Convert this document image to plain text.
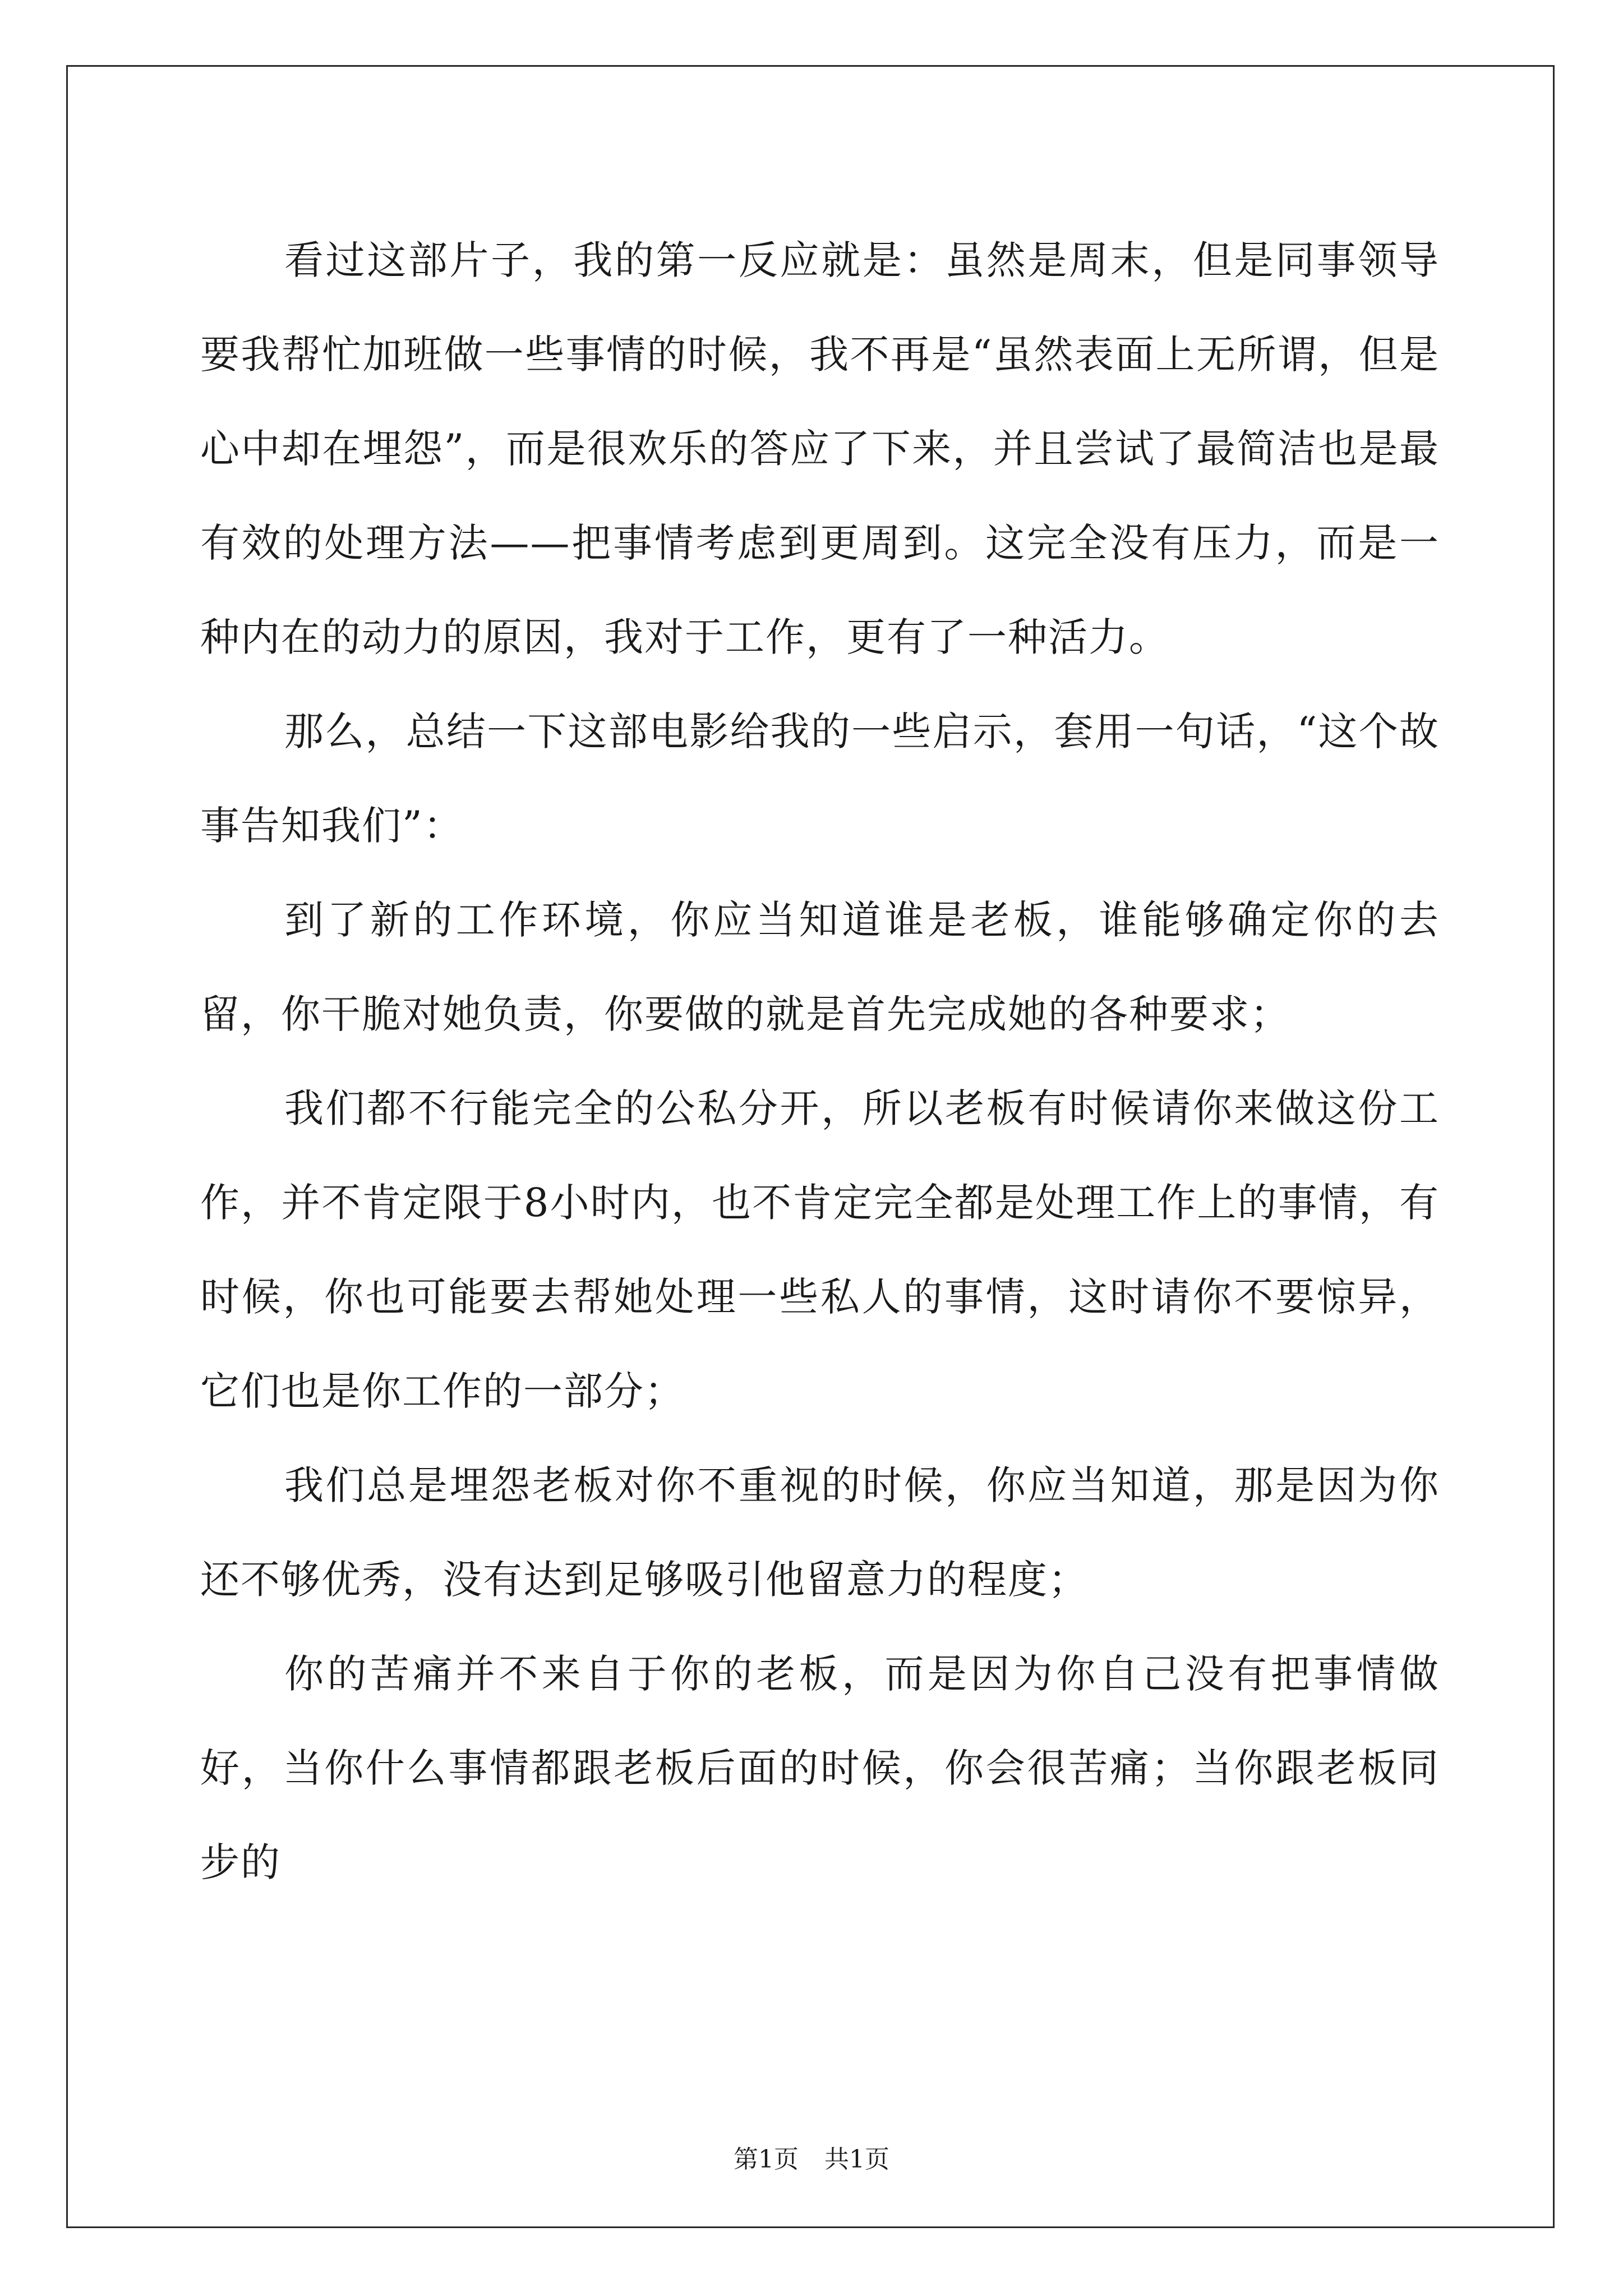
看过这部片子，我的第一反应就是：虽然是周末，但是同事领导要我帮忙加班做一些事情的时候，我不再是“虽然表面上无所谓，但是心中却在埋怨”，而是很欢乐的答应了下来，并且尝试了最简洁也是最有效的处理方法——把事情考虑到更周到。这完全没有压力，而是一种内在的动力的原因，我对于工作，更有了一种活力。

那么，总结一下这部电影给我的一些启示，套用一句话，“这个故事告知我们”：

到了新的工作环境，你应当知道谁是老板，谁能够确定你的去留，你干脆对她负责，你要做的就是首先完成她的各种要求；

我们都不行能完全的公私分开，所以老板有时候请你来做这份工作，并不肯定限于8小时内，也不肯定完全都是处理工作上的事情，有时候，你也可能要去帮她处理一些私人的事情，这时请你不要惊异，它们也是你工作的一部分；

我们总是埋怨老板对你不重视的时候，你应当知道，那是因为你还不够优秀，没有达到足够吸引他留意力的程度；

你的苦痛并不来自于你的老板，而是因为你自己没有把事情做好，当你什么事情都跟老板后面的时候，你会很苦痛；当你跟老板同步的

第1页 共1页
